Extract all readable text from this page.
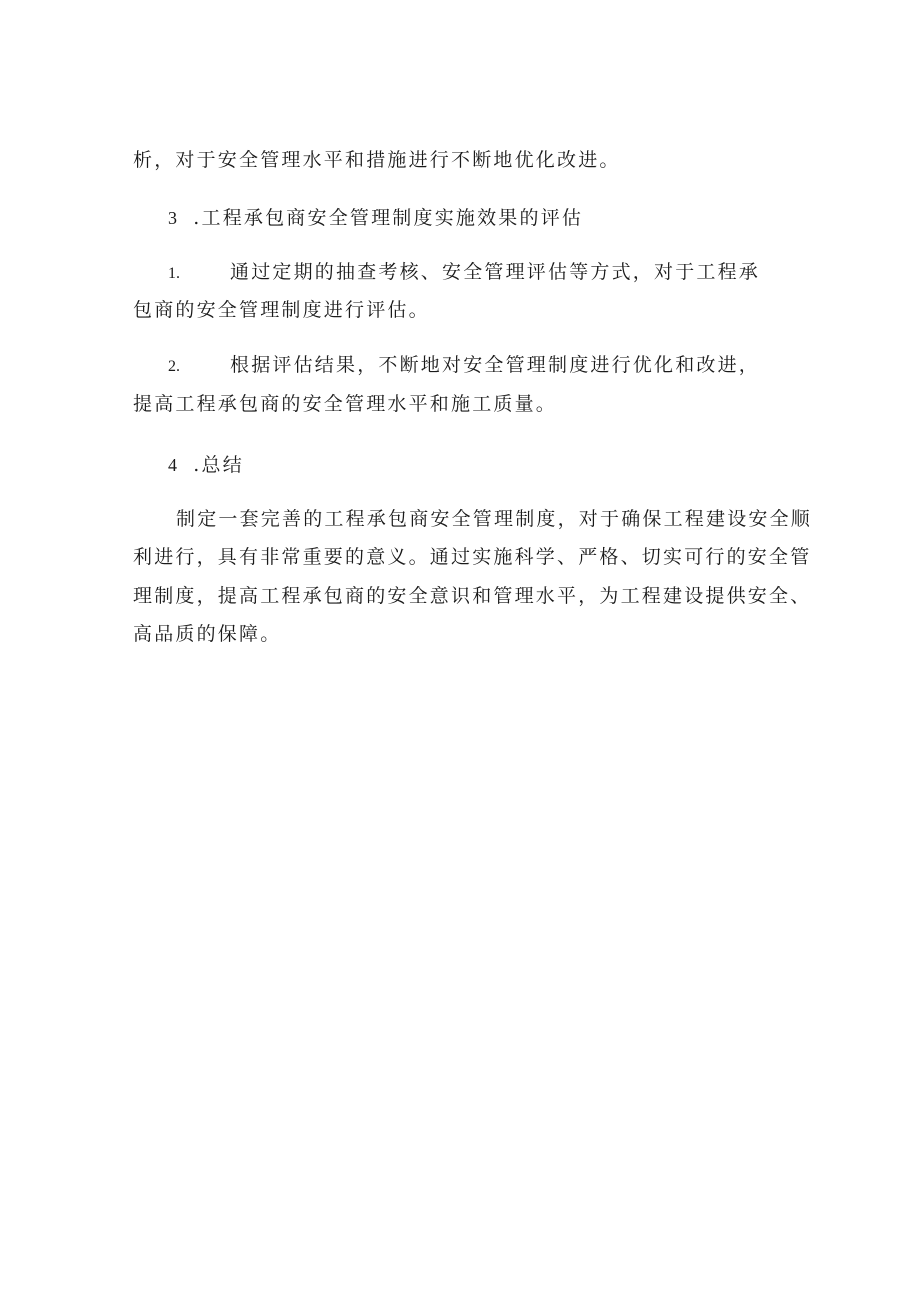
析，对于安全管理水平和措施进行不断地优化改进。
3 .工程承包商安全管理制度实施效果的评估
1.	通过定期的抽查考核、安全管理评估等方式，对于工程承
包商的安全管理制度进行评估。
2.	根据评估结果，不断地对安全管理制度进行优化和改进，
提高工程承包商的安全管理水平和施工质量。
4 .总结
制定一套完善的工程承包商安全管理制度，对于确保工程建设安全顺
利进行，具有非常重要的意义。通过实施科学、严格、切实可行的安全管
理制度，提高工程承包商的安全意识和管理水平，为工程建设提供安全、
高品质的保障。
